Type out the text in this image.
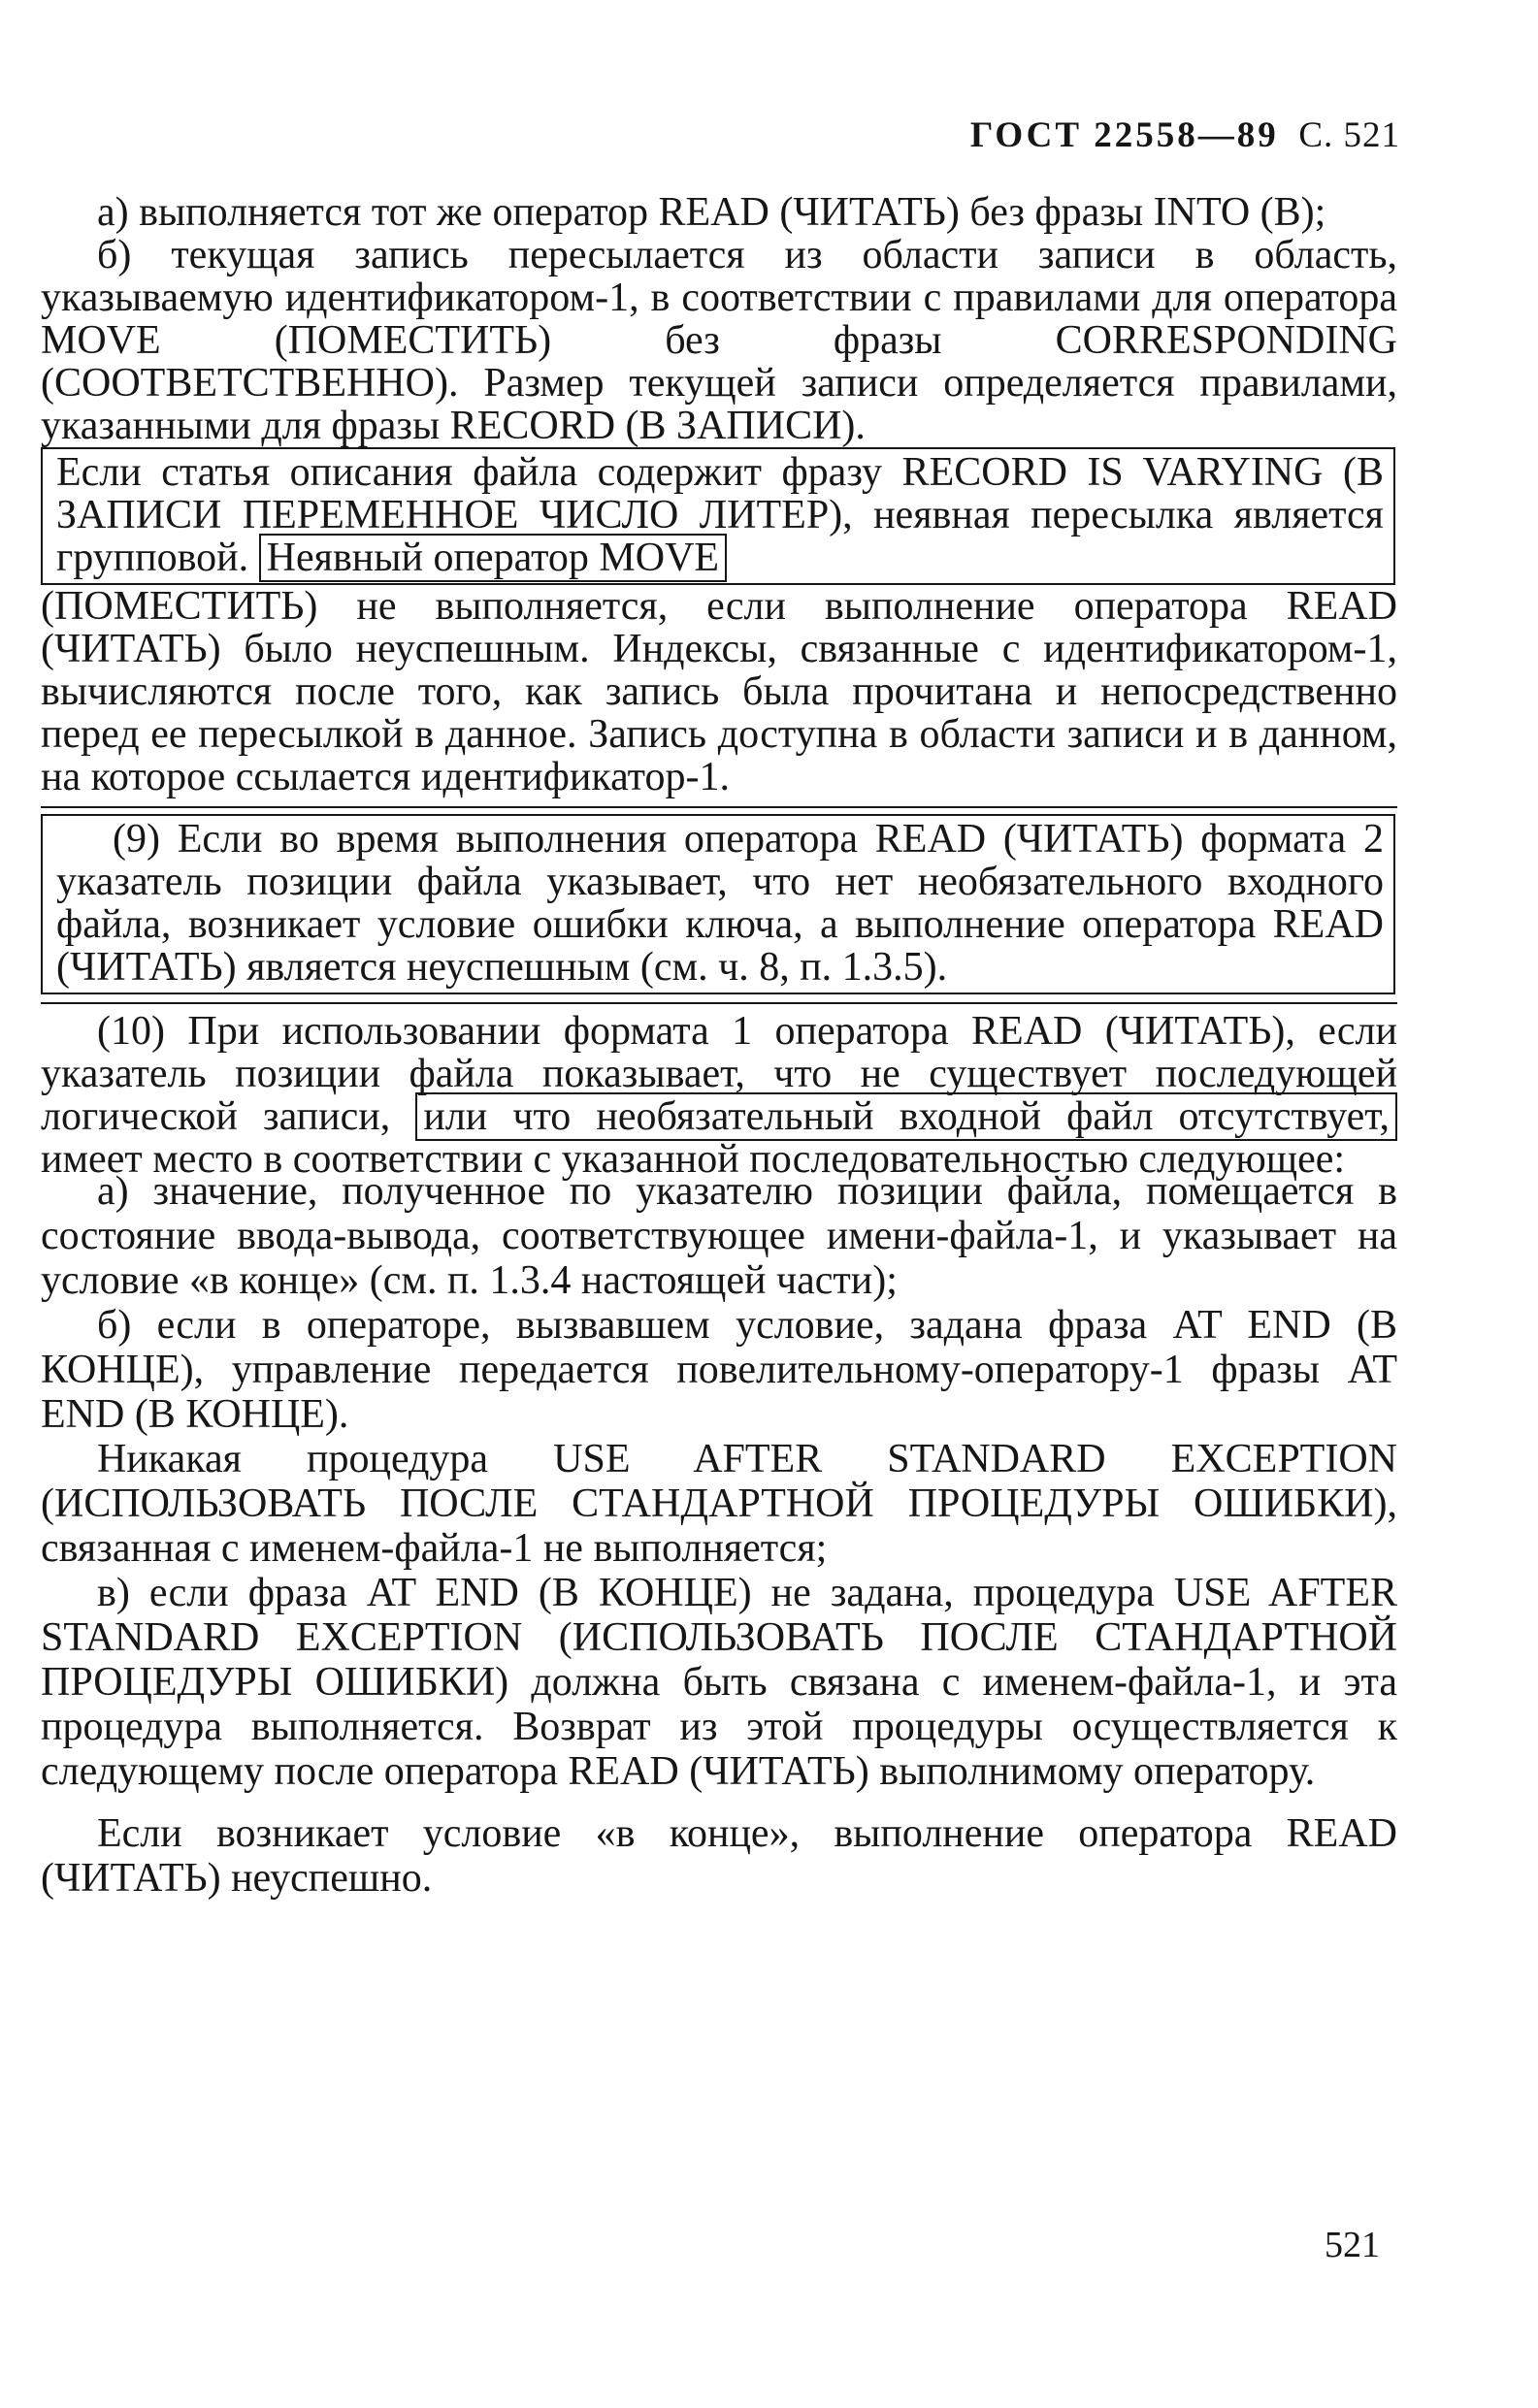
ГОСТ 22558—89 С. 521

а) выполняется тот же оператор READ (ЧИТАТЬ) без фразы INTO (В);

б) текущая запись пересылается из области записи в область, указываемую идентификатором-1, в соответствии с правилами для оператора MOVE (ПОМЕСТИТЬ) без фразы CORRESPONDING (СООТВЕТСТВЕННО). Размер текущей записи определяется правилами, указанными для фразы RECORD (В ЗАПИСИ).

Если статья описания файла содержит фразу RECORD IS VARYING (В ЗАПИСИ ПЕРЕМЕННОЕ ЧИСЛО ЛИТЕР), неявная пересылка является групповой. Неявный оператор MOVE

(ПОМЕСТИТЬ) не выполняется, если выполнение оператора READ (ЧИТАТЬ) было неуспешным. Индексы, связанные с идентификатором-1, вычисляются после того, как запись была прочитана и непосредственно перед ее пересылкой в данное. Запись доступна в области записи и в данном, на которое ссылается идентификатор-1.

(9) Если во время выполнения оператора READ (ЧИТАТЬ) формата 2 указатель позиции файла указывает, что нет необязательного входного файла, возникает условие ошибки ключа, а выполнение оператора READ (ЧИТАТЬ) является неуспешным (см. ч. 8, п. 1.3.5).

(10) При использовании формата 1 оператора READ (ЧИТАТЬ), если указатель позиции файла показывает, что не существует последующей логической записи, или что необязательный входной файл отсутствует, имеет место в соответствии с указанной последовательностью следующее:

а) значение, полученное по указателю позиции файла, помещается в состояние ввода-вывода, соответствующее имени-файла-1, и указывает на условие «в конце» (см. п. 1.3.4 настоящей части);

б) если в операторе, вызвавшем условие, задана фраза AT END (В КОНЦЕ), управление передается повелительному-оператору-1 фразы AT END (В КОНЦЕ).

Никакая процедура USE AFTER STANDARD EXCEPTION (ИСПОЛЬЗОВАТЬ ПОСЛЕ СТАНДАРТНОЙ ПРОЦЕДУРЫ ОШИБКИ), связанная с именем-файла-1 не выполняется;

в) если фраза AT END (В КОНЦЕ) не задана, процедура USE AFTER STANDARD EXCEPTION (ИСПОЛЬЗОВАТЬ ПОСЛЕ СТАНДАРТНОЙ ПРОЦЕДУРЫ ОШИБКИ) должна быть связана с именем-файла-1, и эта процедура выполняется. Возврат из этой процедуры осуществляется к следующему после оператора READ (ЧИТАТЬ) выполнимому оператору.

Если возникает условие «в конце», выполнение оператора READ (ЧИТАТЬ) неуспешно.

521
